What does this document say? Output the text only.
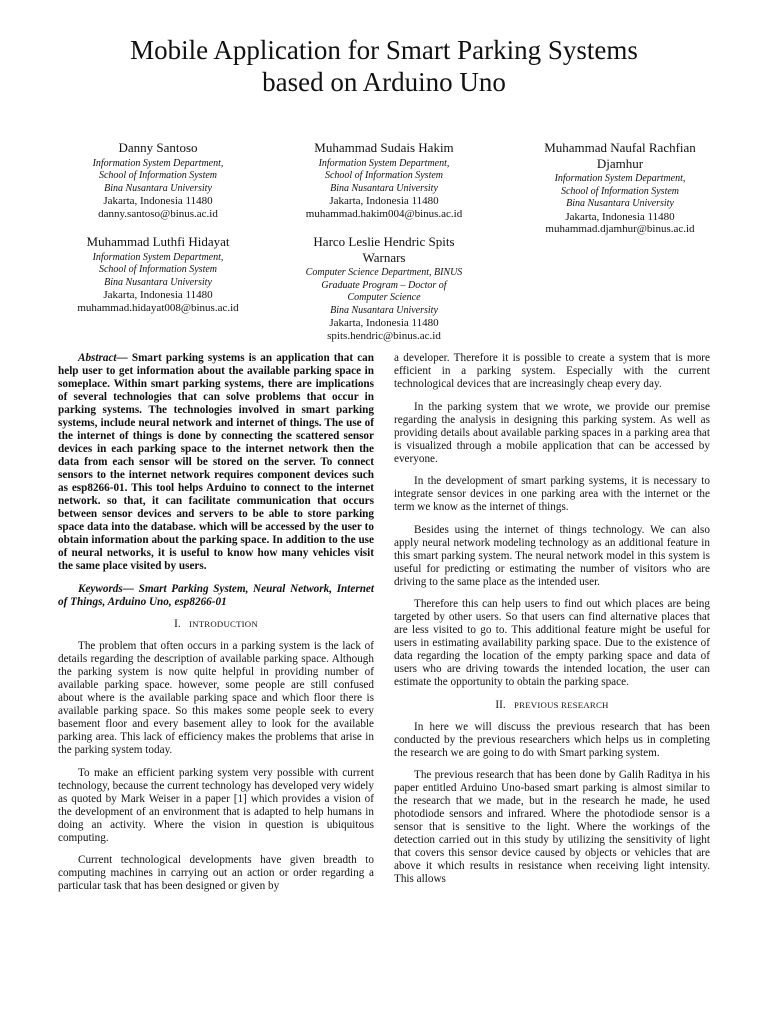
Mobile Application for Smart Parking Systems
based on Arduino Uno
Danny Santoso
Information System Department,
School of Information System
Bina Nusantara University
Jakarta, Indonesia 11480
danny.santoso@binus.ac.id
Muhammad Sudais Hakim
Information System Department,
School of Information System
Bina Nusantara University
Jakarta, Indonesia 11480
muhammad.hakim004@binus.ac.id
Muhammad Naufal Rachfian
Djamhur
Information System Department,
School of Information System
Bina Nusantara University
Jakarta, Indonesia 11480
muhammad.djamhur@binus.ac.id
Muhammad Luthfi Hidayat
Information System Department,
School of Information System
Bina Nusantara University
Jakarta, Indonesia 11480
muhammad.hidayat008@binus.ac.id
Harco Leslie Hendric Spits
Warnars
Computer Science Department, BINUS
Graduate Program – Doctor of
Computer Science
Bina Nusantara University
Jakarta, Indonesia 11480
spits.hendric@binus.ac.id

Abstract— Smart parking systems is an application that can help user to get information about the available parking space in someplace. Within smart parking systems, there are implications of several technologies that can solve problems that occur in parking systems. The technologies involved in smart parking systems, include neural network and internet of things. The use of the internet of things is done by connecting the scattered sensor devices in each parking space to the internet network then the data from each sensor will be stored on the server. To connect sensors to the internet network requires component devices such as esp8266-01. This tool helps Arduino to connect to the internet network. so that, it can facilitate communication that occurs between sensor devices and servers to be able to store parking space data into the database. which will be accessed by the user to obtain information about the parking space. In addition to the use of neural networks, it is useful to know how many vehicles visit the same place visited by users.

Keywords— Smart Parking System, Neural Network, Internet of Things, Arduino Uno, esp8266-01

I. INTRODUCTION

The problem that often occurs in a parking system is the lack of details regarding the description of available parking space. Although the parking system is now quite helpful in providing number of available parking space. however, some people are still confused about where is the available parking space and which floor there is available parking space. So this makes some people seek to every basement floor and every basement alley to look for the available parking area. This lack of efficiency makes the problems that arise in the parking system today.

To make an efficient parking system very possible with current technology, because the current technology has developed very widely as quoted by Mark Weiser in a paper [1] which provides a vision of the development of an environment that is adapted to help humans in doing an activity. Where the vision in question is ubiquitous computing.

Current technological developments have given breadth to computing machines in carrying out an action or order regarding a particular task that has been designed or given by

a developer. Therefore it is possible to create a system that is more efficient in a parking system. Especially with the current technological devices that are increasingly cheap every day.

In the parking system that we wrote, we provide our premise regarding the analysis in designing this parking system. As well as providing details about available parking spaces in a parking area that is visualized through a mobile application that can be accessed by everyone.

In the development of smart parking systems, it is necessary to integrate sensor devices in one parking area with the internet or the term we know as the internet of things.

Besides using the internet of things technology. We can also apply neural network modeling technology as an additional feature in this smart parking system. The neural network model in this system is useful for predicting or estimating the number of visitors who are driving to the same place as the intended user.

Therefore this can help users to find out which places are being targeted by other users. So that users can find alternative places that are less visited to go to. This additional feature might be useful for users in estimating availability parking space. Due to the existence of data regarding the location of the empty parking space and data of users who are driving towards the intended location, the user can estimate the opportunity to obtain the parking space.

II. PREVIOUS RESEARCH

In here we will discuss the previous research that has been conducted by the previous researchers which helps us in completing the research we are going to do with Smart parking system.

The previous research that has been done by Galih Raditya in his paper entitled Arduino Uno-based smart parking is almost similar to the research that we made, but in the research he made, he used photodiode sensors and infrared. Where the photodiode sensor is a sensor that is sensitive to the light. Where the workings of the detection carried out in this study by utilizing the sensitivity of light that covers this sensor device caused by objects or vehicles that are above it which results in resistance when receiving light intensity. This allows
